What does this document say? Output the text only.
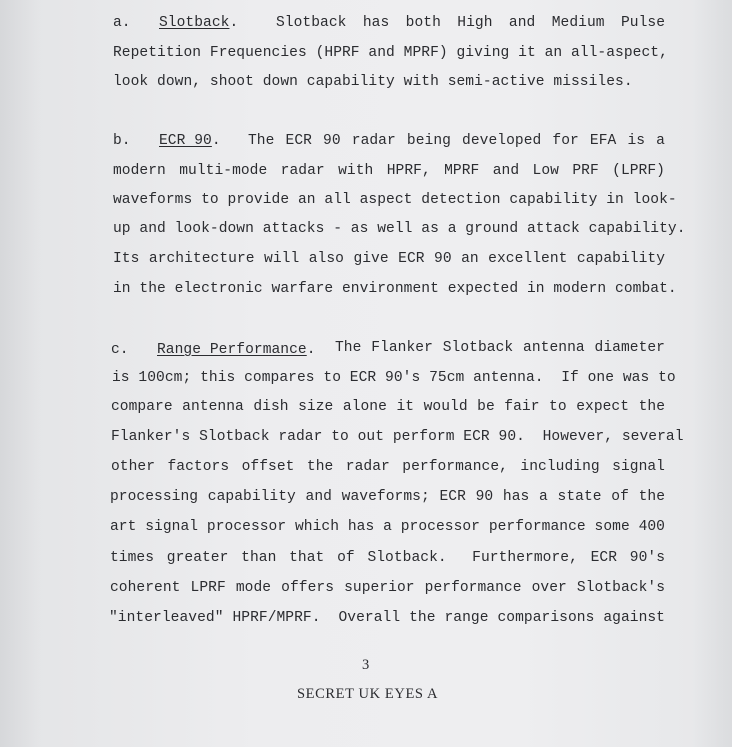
a. Slotback.	Slotback has both High and Medium Pulse
Repetition Frequencies (HPRF and MPRF) giving it an all-aspect,
look down, shoot down capability with semi-active missiles.
b. ECR 90. The ECR 90 radar being developed for EFA is a
modern multi-mode radar with HPRF, MPRF and Low PRF (LPRF)
waveforms to provide an all aspect detection capability in look-
up and look-down attacks - as well as a ground attack capability.
Its architecture will also give ECR 90 an excellent capability
in the electronic warfare environment expected in modern combat.
c. Range Performance. The Flanker Slotback antenna diameter
is 100cm; this compares to ECR 90's 75cm antenna.  If one was to
compare antenna dish size alone it would be fair to expect the
Flanker's Slotback radar to out perform ECR 90.  However, several
other factors offset the radar performance, including signal
processing capability and waveforms; ECR 90 has a state of the
art signal processor which has a processor performance some 400
times greater than that of Slotback.  Furthermore, ECR 90's
coherent LPRF mode offers superior performance over Slotback's
"interleaved" HPRF/MPRF.  Overall the range comparisons against
3
SECRET UK EYES A
